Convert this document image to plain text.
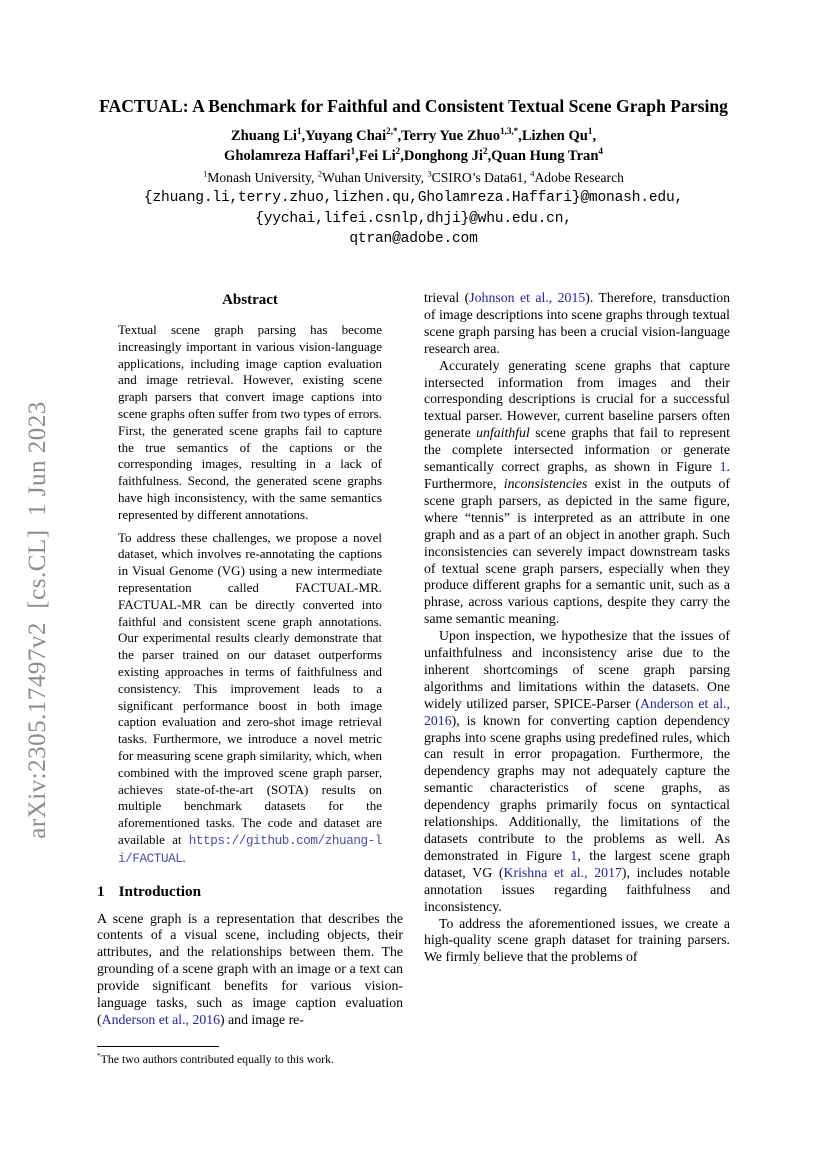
arXiv:2305.17497v2  [cs.CL]  1 Jun 2023
FACTUAL: A Benchmark for Faithful and Consistent Textual Scene Graph Parsing
Zhuang Li$^1$,Yuyang Chai$^{2,*}$,Terry Yue Zhuo$^{1,3,*}$,Lizhen Qu$^1$,
Gholamreza Haffari$^1$,Fei Li$^2$,Donghong Ji$^2$,Quan Hung Tran$^4$
$^1$Monash University, $^2$Wuhan University, $^3$CSIRO’s Data61, $^4$Adobe Research
{zhuang.li,terry.zhuo,lizhen.qu,Gholamreza.Haffari}@monash.edu,
{yychai,lifei.csnlp,dhji}@whu.edu.cn,
qtran@adobe.com
Abstract

Textual scene graph parsing has become increasingly important in various vision-language applications, including image caption evaluation and image retrieval. However, existing scene graph parsers that convert image captions into scene graphs often suffer from two types of errors. First, the generated scene graphs fail to capture the true semantics of the captions or the corresponding images, resulting in a lack of faithfulness. Second, the generated scene graphs have high inconsistency, with the same semantics represented by different annotations.

To address these challenges, we propose a novel dataset, which involves re-annotating the captions in Visual Genome (VG) using a new intermediate representation called FACTUAL-MR. FACTUAL-MR can be directly converted into faithful and consistent scene graph annotations. Our experimental results clearly demonstrate that the parser trained on our dataset outperforms existing approaches in terms of faithfulness and consistency. This improvement leads to a significant performance boost in both image caption evaluation and zero-shot image retrieval tasks. Furthermore, we introduce a novel metric for measuring scene graph similarity, which, when combined with the improved scene graph parser, achieves state-of-the-art (SOTA) results on multiple benchmark datasets for the aforementioned tasks. The code and dataset are available at https://github.com/zhuang-li/FACTUAL.

1 Introduction

A scene graph is a representation that describes the contents of a visual scene, including objects, their attributes, and the relationships between them. The grounding of a scene graph with an image or a text can provide significant benefits for various vision-language tasks, such as image caption evaluation (Anderson et al., 2016) and image re-

trieval (Johnson et al., 2015). Therefore, transduction of image descriptions into scene graphs through textual scene graph parsing has been a crucial vision-language research area.

Accurately generating scene graphs that capture intersected information from images and their corresponding descriptions is crucial for a successful textual parser. However, current baseline parsers often generate unfaithful scene graphs that fail to represent the complete intersected information or generate semantically correct graphs, as shown in Figure 1. Furthermore, inconsistencies exist in the outputs of scene graph parsers, as depicted in the same figure, where “tennis” is interpreted as an attribute in one graph and as a part of an object in another graph. Such inconsistencies can severely impact downstream tasks of textual scene graph parsers, especially when they produce different graphs for a semantic unit, such as a phrase, across various captions, despite they carry the same semantic meaning.

Upon inspection, we hypothesize that the issues of unfaithfulness and inconsistency arise due to the inherent shortcomings of scene graph parsing algorithms and limitations within the datasets. One widely utilized parser, SPICE-Parser (Anderson et al., 2016), is known for converting caption dependency graphs into scene graphs using predefined rules, which can result in error propagation. Furthermore, the dependency graphs may not adequately capture the semantic characteristics of scene graphs, as dependency graphs primarily focus on syntactical relationships. Additionally, the limitations of the datasets contribute to the problems as well. As demonstrated in Figure 1, the largest scene graph dataset, VG (Krishna et al., 2017), includes notable annotation issues regarding faithfulness and inconsistency.

To address the aforementioned issues, we create a high-quality scene graph dataset for training parsers. We firmly believe that the problems of

*The two authors contributed equally to this work.
